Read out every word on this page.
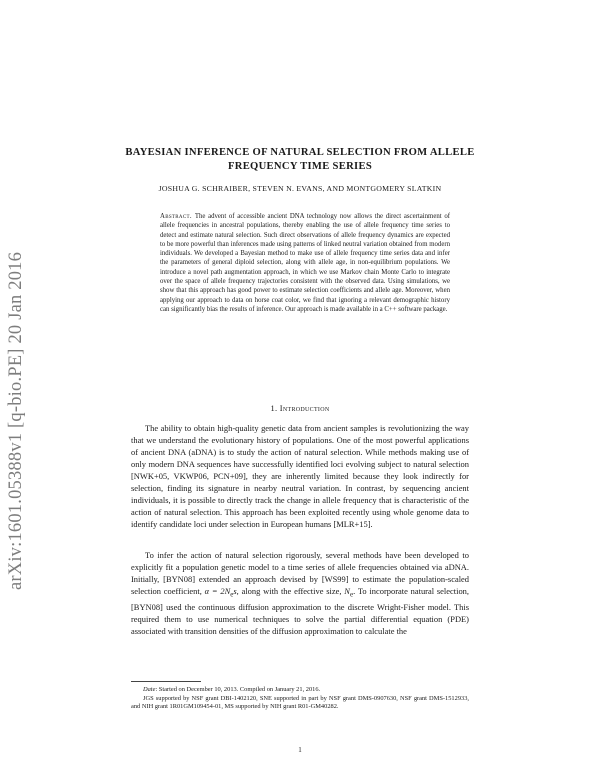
arXiv:1601.05388v1 [q-bio.PE] 20 Jan 2016
BAYESIAN INFERENCE OF NATURAL SELECTION FROM ALLELE FREQUENCY TIME SERIES
JOSHUA G. SCHRAIBER, STEVEN N. EVANS, AND MONTGOMERY SLATKIN

Abstract. The advent of accessible ancient DNA technology now allows the direct ascertainment of allele frequencies in ancestral populations, thereby enabling the use of allele frequency time series to detect and estimate natural selection. Such direct observations of allele frequency dynamics are expected to be more powerful than inferences made using patterns of linked neutral variation obtained from modern individuals. We developed a Bayesian method to make use of allele frequency time series data and infer the parameters of general diploid selection, along with allele age, in non-equilibrium populations. We introduce a novel path augmentation approach, in which we use Markov chain Monte Carlo to integrate over the space of allele frequency trajectories consistent with the observed data. Using simulations, we show that this approach has good power to estimate selection coefficients and allele age. Moreover, when applying our approach to data on horse coat color, we find that ignoring a relevant demographic history can significantly bias the results of inference. Our approach is made available in a C++ software package.

1. Introduction

The ability to obtain high-quality genetic data from ancient samples is revolutionizing the way that we understand the evolutionary history of populations. One of the most powerful applications of ancient DNA (aDNA) is to study the action of natural selection. While methods making use of only modern DNA sequences have successfully identified loci evolving subject to natural selection [NWK+05, VKWP06, PCN+09], they are inherently limited because they look indirectly for selection, finding its signature in nearby neutral variation. In contrast, by sequencing ancient individuals, it is possible to directly track the change in allele frequency that is characteristic of the action of natural selection. This approach has been exploited recently using whole genome data to identify candidate loci under selection in European humans [MLR+15].

To infer the action of natural selection rigorously, several methods have been developed to explicitly fit a population genetic model to a time series of allele frequencies obtained via aDNA. Initially, [BYN08] extended an approach devised by [WS99] to estimate the population-scaled selection coefficient, $\alpha = 2N_es$, along with the effective size, $N_e$. To incorporate natural selection, [BYN08] used the continuous diffusion approximation to the discrete Wright-Fisher model. This required them to use numerical techniques to solve the partial differential equation (PDE) associated with transition densities of the diffusion approximation to calculate the

Date: Started on December 10, 2013. Compiled on January 21, 2016.
JGS supported by NSF grant DBI-1402120, SNE supported in part by NSF grant DMS-0907630, NSF grant DMS-1512933, and NIH grant 1R01GM109454-01, MS supported by NIH grant R01-GM40282.
1
